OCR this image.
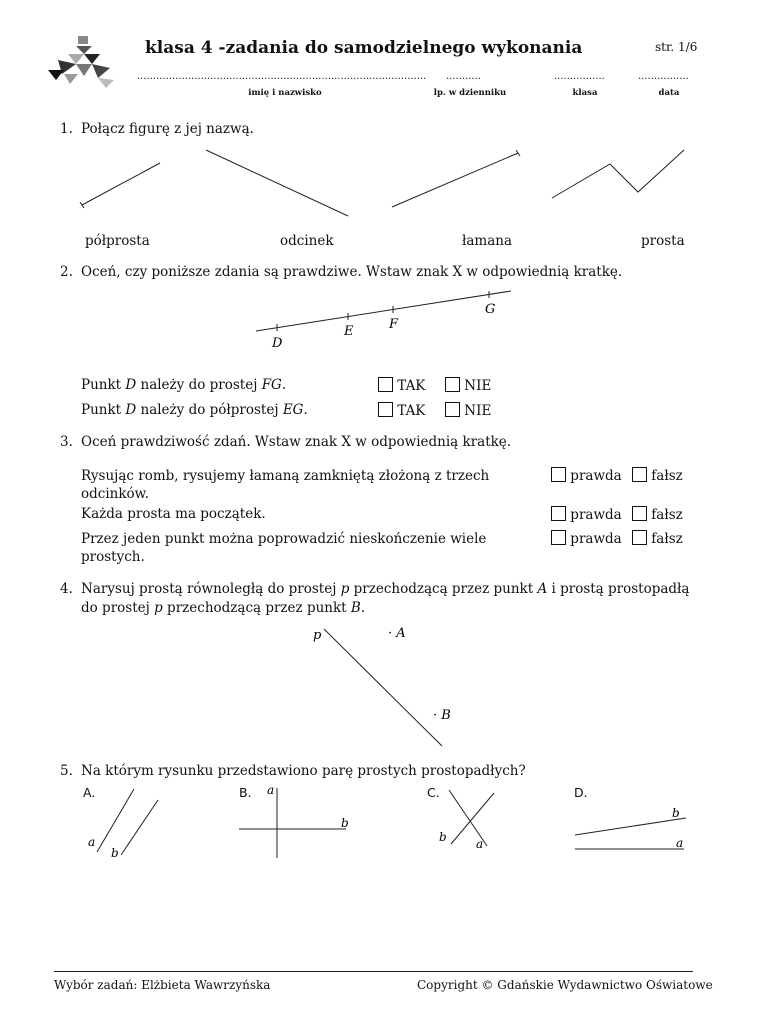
klasa 4 -zadania do samodzielnego wykonania	str. 1/6
...........................................................................................
imię i nazwisko
...........
lp. w dzienniku
................
klasa
................
data
1. Połącz figurę z jej nazwą.
półprosta	odcinek	łamana	prosta
2. Oceń, czy poniższe zdania są prawdziwe. Wstaw znak X w odpowiednią kratkę.
D
E	F
G
Punkt D należy do prostej FG.	TAK	NIE
Punkt D należy do półprostej EG.	TAK	NIE
3. Oceń prawdziwość zdań. Wstaw znak X w odpowiednią kratkę.
Rysując romb, rysujemy łamaną zamkniętą złożoną z trzech
odcinków.
prawda	fałsz
Każda prosta ma początek.	prawda	fałsz
Przez jeden punkt można poprowadzić nieskończenie wiele
prostych.
prawda	fałsz
4. Narysuj prostą równoległą do prostej p przechodzącą przez punkt A i prostą prostopadłą
do prostej p przechodzącą przez punkt B.
p	· A
· B
5. Na którym rysunku przedstawiono parę prostych prostopadłych?
A.	B.	C.	D.
a
b
a
b
b a
b
a
Wybór zadań: Elżbieta Wawrzyńska	Copyright © Gdańskie Wydawnictwo Oświatowe
